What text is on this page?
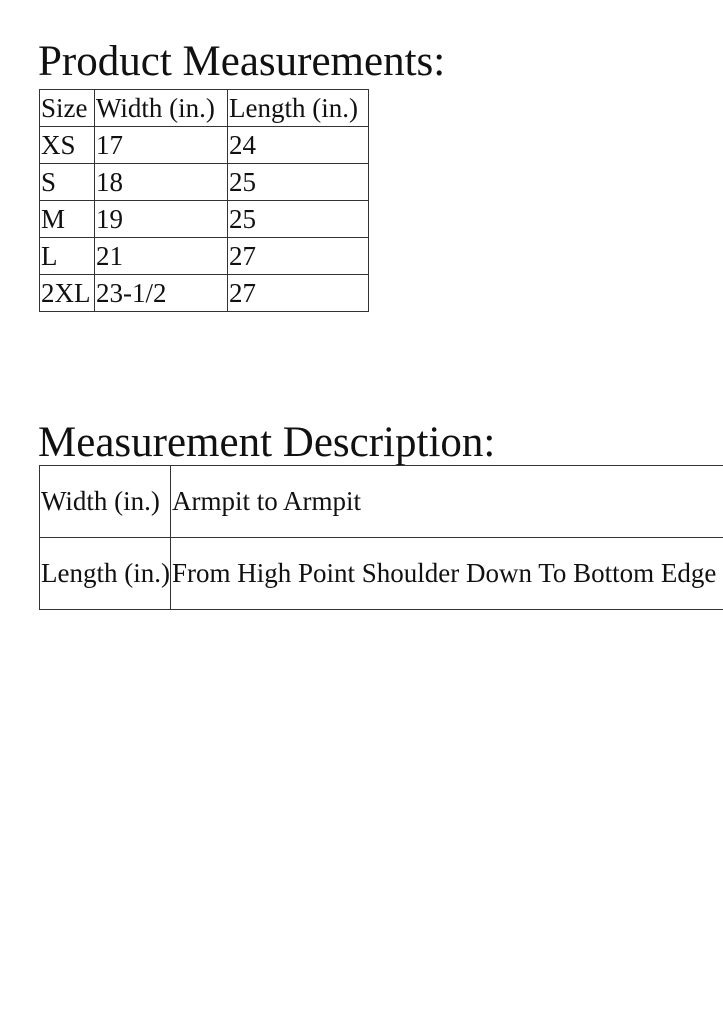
Product Measurements:
Size	Width (in.)	Length (in.)
XS	17	24
S	18	25
M	19	25
L	21	27
2XL	23-1/2	27
Measurement Description:
Width (in.)	Armpit to Armpit
Length (in.)	From High Point Shoulder Down To Bottom Edge
